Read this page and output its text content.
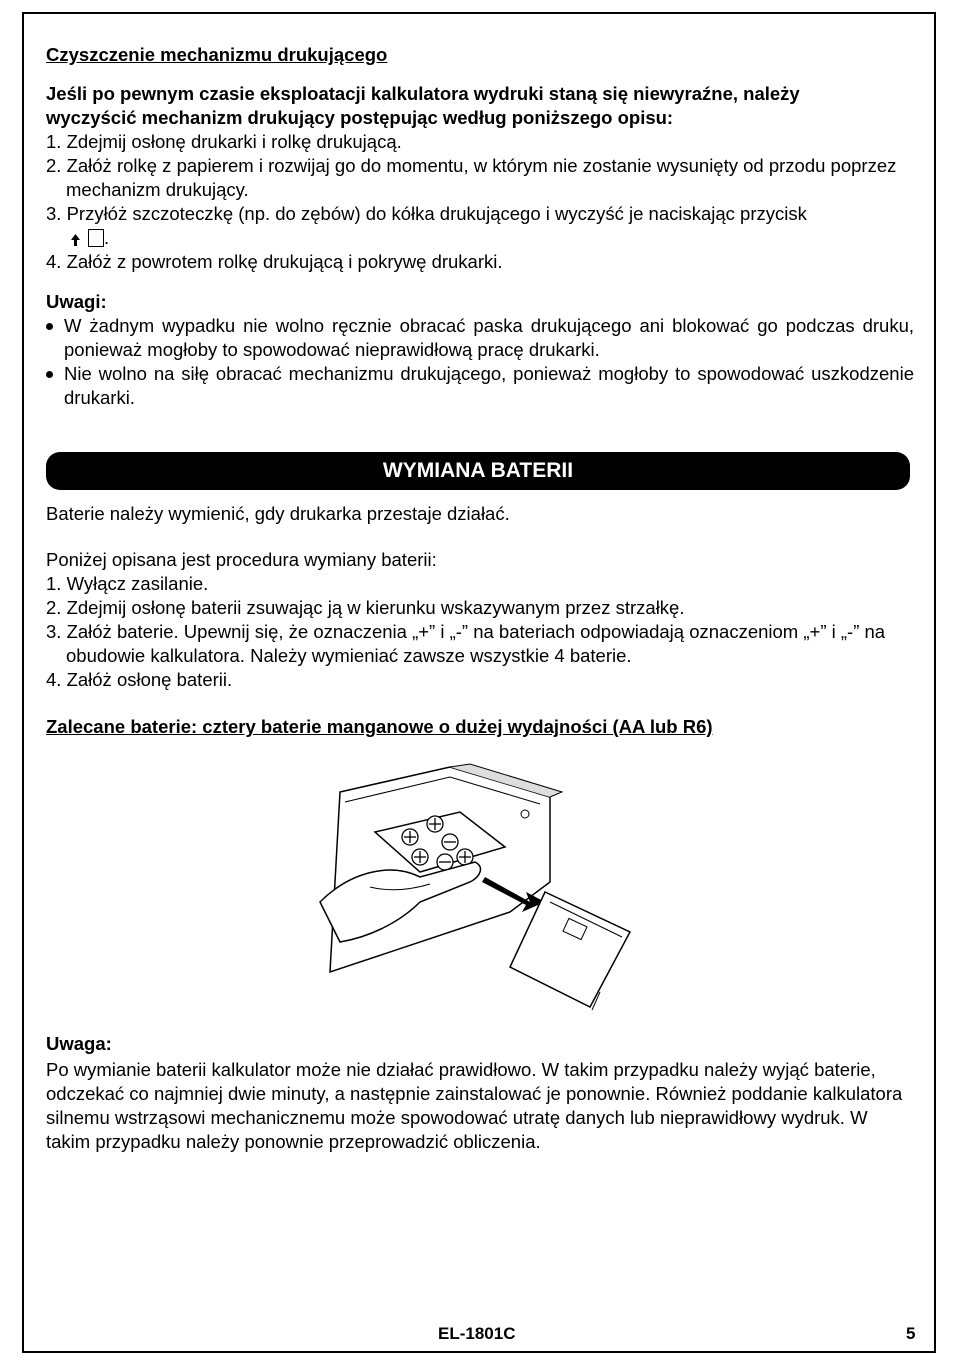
Czyszczenie mechanizmu drukującego

Jeśli po pewnym czasie eksploatacji kalkulatora wydruki staną się niewyraźne, należy

wyczyścić mechanizm drukujący postępując według poniższego opisu:

1. Zdejmij osłonę drukarki i rolkę drukującą.

2. Załóż rolkę z papierem i rozwijaj go do momentu, w którym nie zostanie wysunięty od przodu poprzez mechanizm drukujący.

3. Przyłóż szczoteczkę (np. do zębów) do kółka drukującego i wyczyść je naciskając przycisk
.

4. Załóż z powrotem rolkę drukującą i pokrywę drukarki.

Uwagi:

W żadnym wypadku nie wolno ręcznie obracać paska drukującego ani blokować go podczas druku, ponieważ mogłoby to spowodować nieprawidłową pracę drukarki.

Nie wolno na siłę obracać mechanizmu drukującego, ponieważ mogłoby to spowodować uszkodzenie drukarki.

WYMIANA BATERII

Baterie należy wymienić, gdy drukarka przestaje działać.

Poniżej opisana jest procedura wymiany baterii:

1. Wyłącz zasilanie.

2. Zdejmij osłonę baterii zsuwając ją w kierunku wskazywanym przez strzałkę.

3. Załóż baterie. Upewnij się, że oznaczenia „+” i „-” na bateriach odpowiadają oznaczeniom „+” i „-” na obudowie kalkulatora. Należy wymieniać zawsze wszystkie 4 baterie.

4. Załóż osłonę baterii.

Zalecane baterie: cztery baterie manganowe o dużej wydajności (AA lub R6)

Uwaga:

Po wymianie baterii kalkulator może nie działać prawidłowo. W takim przypadku należy wyjąć baterie, odczekać co najmniej dwie minuty, a następnie zainstalować je ponownie. Również poddanie kalkulatora silnemu wstrząsowi mechanicznemu może spowodować utratę danych lub nieprawidłowy wydruk. W takim przypadku należy ponownie przeprowadzić obliczenia.

EL-1801C	5
